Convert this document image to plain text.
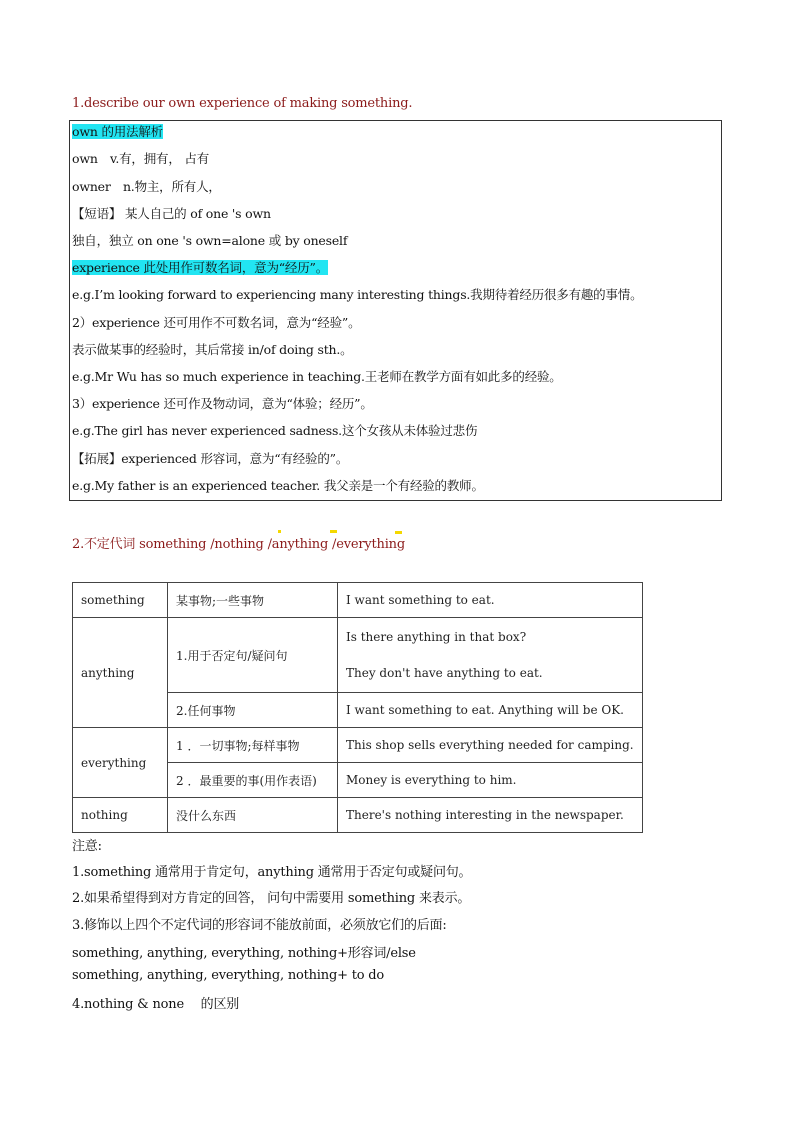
1.describe our own experience of making something.
own 的用法解析
own　v.有，拥有， 占有
owner　n.物主，所有人，
【短语】 某人自己的 of one 's own
独自，独立 on one 's own=alone 或 by oneself
experience 此处用作可数名词，意为“经历”。
e.g.I’m looking forward to experiencing many interesting things.我期待着经历很多有趣的事情。
2）experience 还可用作不可数名词，意为“经验”。
表示做某事的经验时，其后常接 in/of doing sth.。
e.g.Mr Wu has so much experience in teaching.王老师在教学方面有如此多的经验。
3）experience 还可作及物动词，意为“体验；经历”。
e.g.The girl has never experienced sadness.这个女孩从未体验过悲伤
【拓展】experienced 形容词，意为“有经验的”。
e.g.My father is an experienced teacher. 我父亲是一个有经验的教师。
2.不定代词 something /nothing /anything /everything
something	某事物;一些事物	I want something to eat.
anything	1.用于否定句/疑问句	Is there anything in that box?
They don't have anything to eat.

	2.任何事物	I want something to eat. Anything will be OK.
everything	1 ．一切事物;每样事物	This shop sells everything needed for camping.
	2 ．最重要的事(用作表语)	Money is everything to him.
nothing	没什么东西	There's nothing interesting in the newspaper.
注意:
1.something 通常用于肯定句，anything 通常用于否定句或疑问句。
2.如果希望得到对方肯定的回答， 问句中需要用 something 来表示。
3.修饰以上四个不定代词的形容词不能放前面，必须放它们的后面:
something, anything, everything, nothing+形容词/else
something, anything, everything, nothing+ to do
4.nothing & none　 的区别
